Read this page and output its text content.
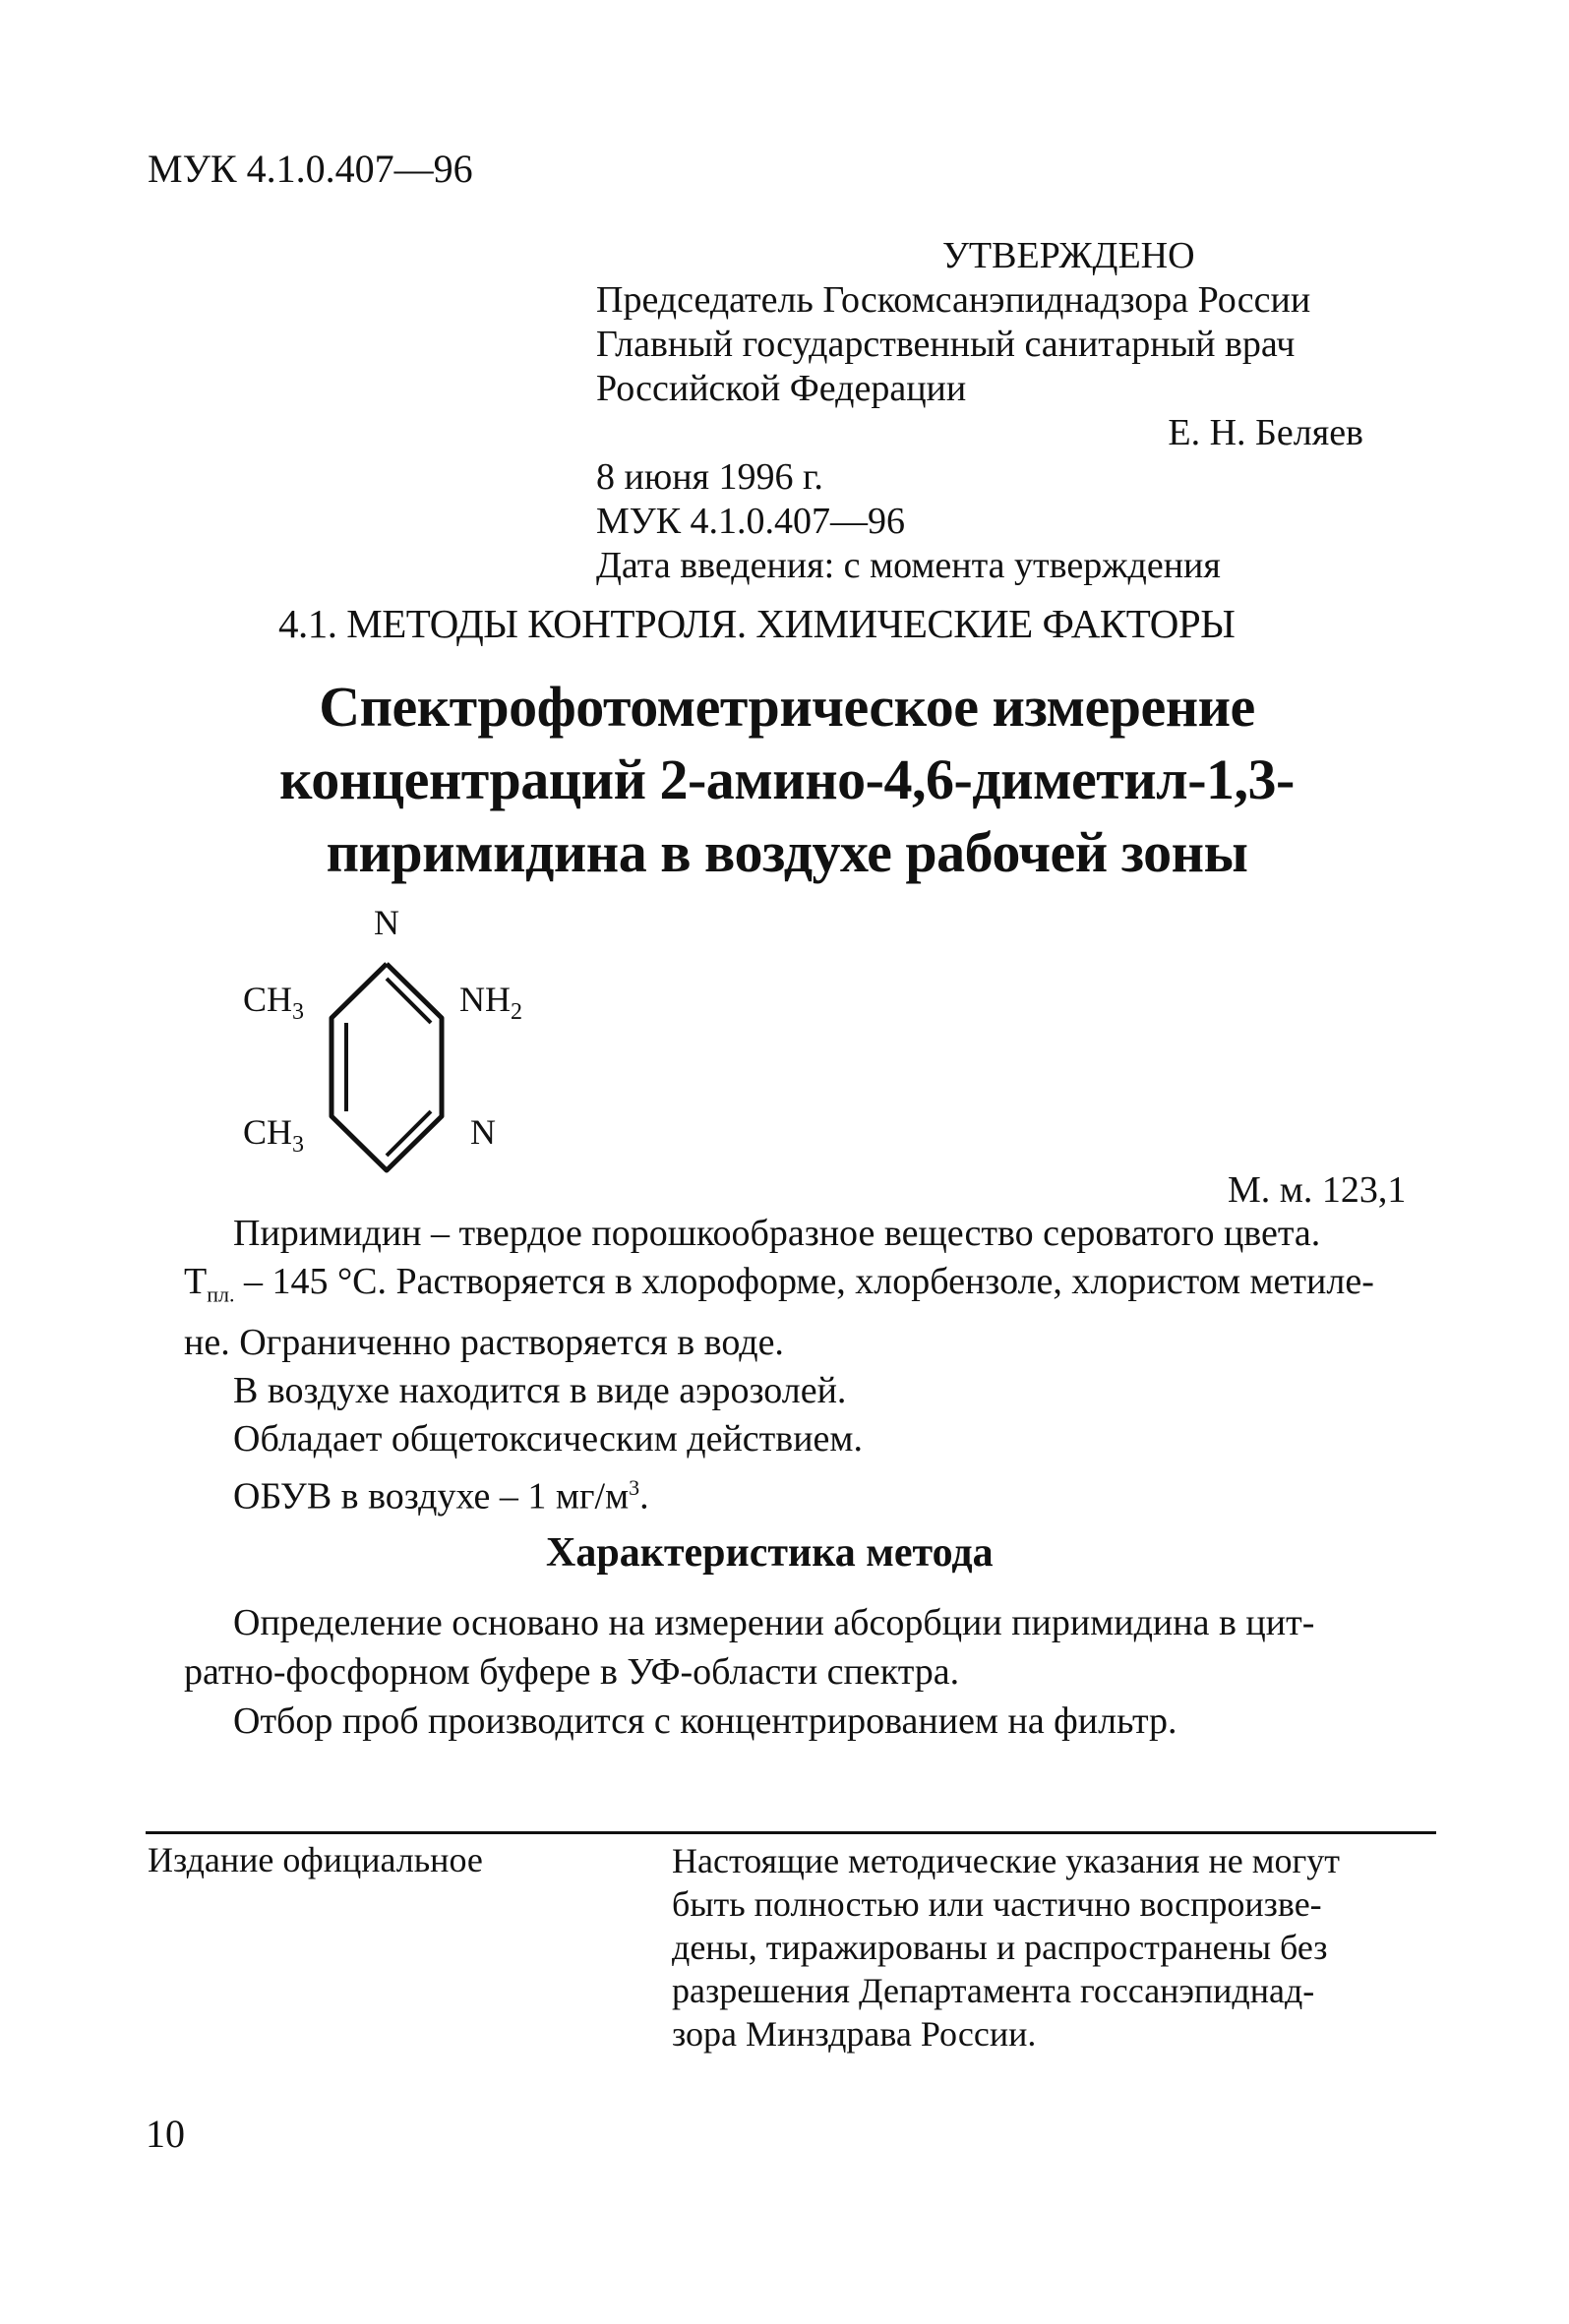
МУК 4.1.0.407—96
УТВЕРЖДЕНО
Председатель Госкомсанэпиднадзора России
Главный государственный санитарный врач
Российской Федерации
Е. Н. Беляев
8 июня 1996 г.
МУК 4.1.0.407—96
Дата введения: с момента утверждения
4.1. МЕТОДЫ КОНТРОЛЯ. ХИМИЧЕСКИЕ ФАКТОРЫ
Спектрофотометрическое измерение
концентраций 2-амино-4,6-диметил-1,3-
пиримидина в воздухе рабочей зоны
N
$CH_3$	$NH_2$
$CH_3$	N
М. м. 123,1

Пиримидин – твердое порошкообразное вещество сероватого цвета.

$Т_{пл.} - 145$ °С. Растворяется в хлороформе, хлорбензоле, хлористом метиле-

не. Ограниченно растворяется в воде.

В воздухе находится в виде аэрозолей.

Обладает общетоксическим действием.

ОБУВ в воздухе – 1 $мг/м^3$.

Характеристика метода

Определение основано на измерении абсорбции пиримидина в цит-

ратно-фосфорном буфере в УФ-области спектра.

Отбор проб производится с концентрированием на фильтр.

Издание официальное	Настоящие методические указания не могут
быть полностью или частично воспроизве-
дены, тиражированы и распространены без
разрешения Департамента госсанэпиднад-
зора Минздрава России.
10
